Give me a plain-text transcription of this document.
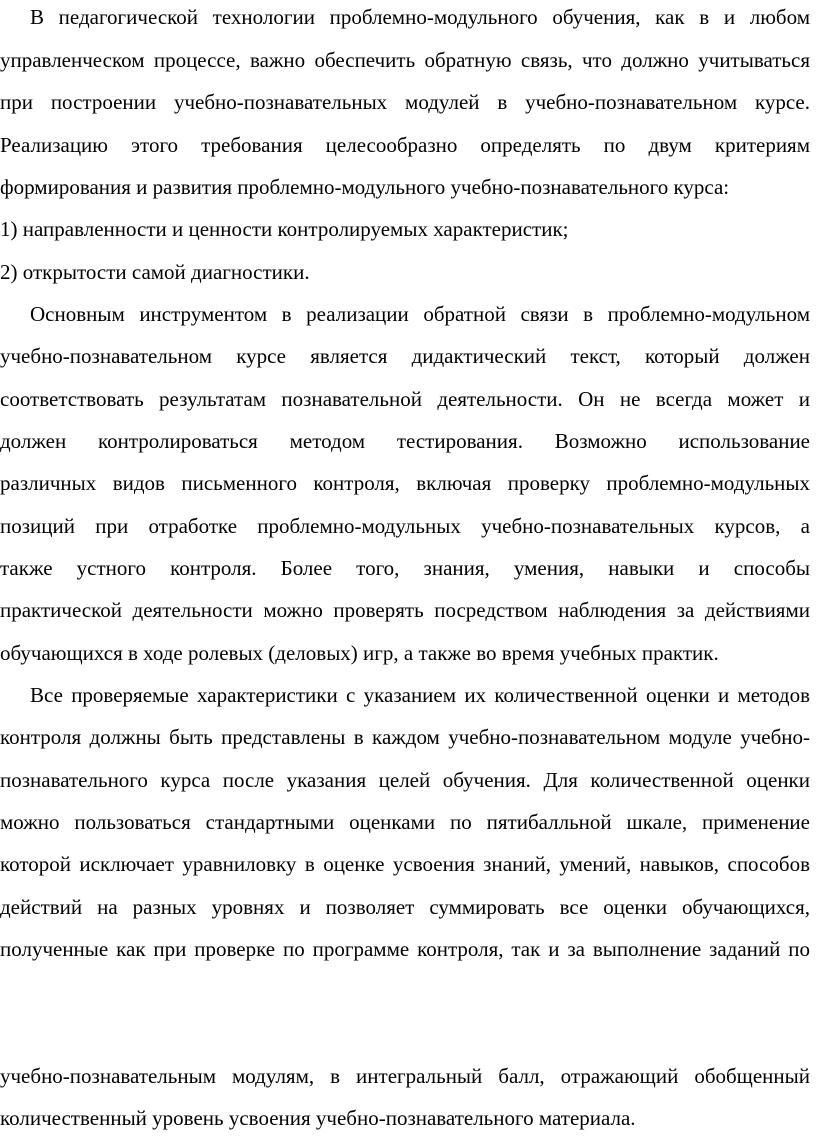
В педагогической технологии проблемно-модульного обучения, как в и любом
управленческом процессе, важно обеспечить обратную связь, что должно учитываться
при построении учебно-познавательных модулей в учебно-познавательном курсе.
Реализацию этого требования целесообразно определять по двум критериям
формирования и развития проблемно-модульного учебно-познавательного курса:
1) направленности и ценности контролируемых характеристик;
2) открытости самой диагностики.
Основным инструментом в реализации обратной связи в проблемно-модульном
учебно-познавательном курсе является дидактический текст, который должен
соответствовать результатам познавательной деятельности. Он не всегда может и
должен контролироваться методом тестирования. Возможно использование
различных видов письменного контроля, включая проверку проблемно-модульных
позиций при отработке проблемно-модульных учебно-познавательных курсов, а
также устного контроля. Более того, знания, умения, навыки и способы
практической деятельности можно проверять посредством наблюдения за действиями
обучающихся в ходе ролевых (деловых) игр, а также во время учебных практик.
Все проверяемые характеристики с указанием их количественной оценки и методов
контроля должны быть представлены в каждом учебно-познавательном модуле учебно-
познавательного курса после указания целей обучения. Для количественной оценки
можно пользоваться стандартными оценками по пятибалльной шкале, применение
которой исключает уравниловку в оценке усвоения знаний, умений, навыков, способов
действий на разных уровнях и позволяет суммировать все оценки обучающихся,
полученные как при проверке по программе контроля, так и за выполнение заданий по
учебно-познавательным модулям, в интегральный балл, отражающий обобщенный
количественный уровень усвоения учебно-познавательного материала.
